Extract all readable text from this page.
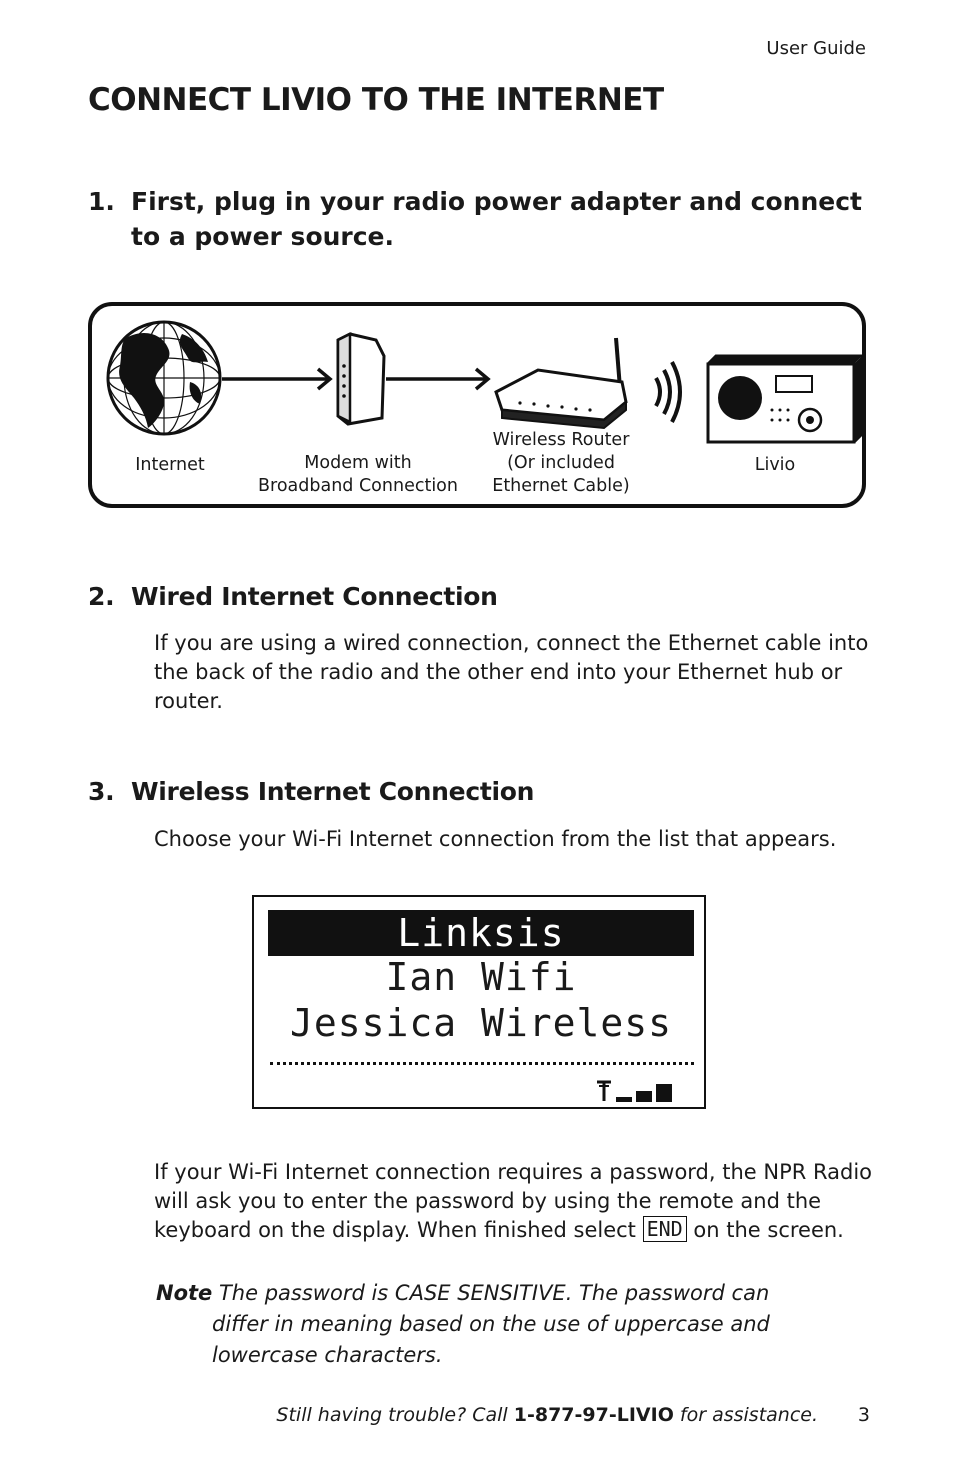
User Guide
CONNECT LIVIO TO THE INTERNET
1. First, plug in your radio power adapter and connect to a power source.
Internet	Modem with
Broadband Connection
Wireless Router
(Or included
Ethernet Cable)
Livio
2. Wired Internet Connection
If you are using a wired connection, connect the Ethernet cable into the back of the radio and the other end into your Ethernet hub or router.
3. Wireless Internet Connection
Choose your Wi-Fi Internet connection from the list that appears.
Linksis
Ian Wifi
Jessica Wireless
If your Wi-Fi Internet connection requires a password, the NPR Radio will ask you to enter the password by using the remote and the keyboard on the display. When finished select END on the screen.
Note The password is CASE SENSITIVE. The password can
differ in meaning based on the use of uppercase and
lowercase characters.
Still having trouble? Call 1-877-97-LIVIO for assistance. 3
